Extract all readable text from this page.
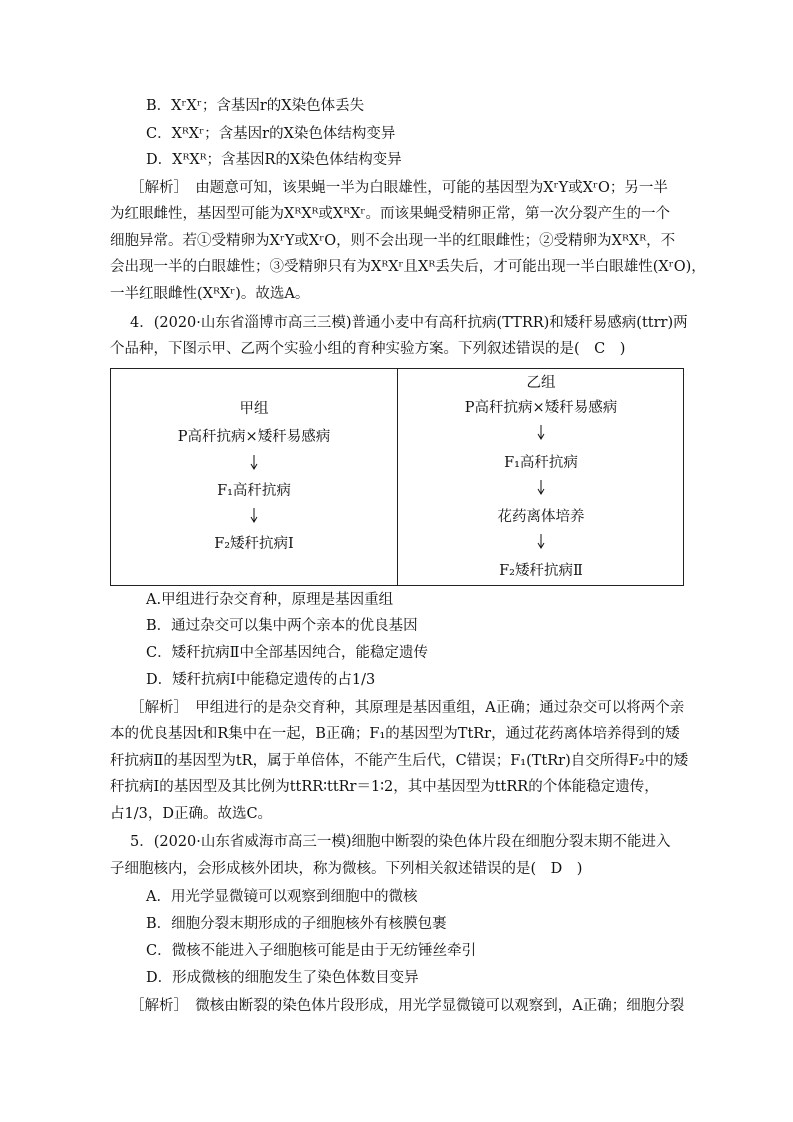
B．XʳXʳ；含基因r的X染色体丢失
C．XᴿXʳ；含基因r的X染色体结构变异
D．XᴿXᴿ；含基因R的X染色体结构变异
［解析］　由题意可知，该果蝇一半为白眼雄性，可能的基因型为XʳY或XʳO；另一半
为红眼雌性，基因型可能为XᴿXᴿ或XᴿXʳ。而该果蝇受精卵正常，第一次分裂产生的一个
细胞异常。若①受精卵为XʳY或XʳO，则不会出现一半的红眼雌性；②受精卵为XᴿXᴿ，不
会出现一半的白眼雄性；③受精卵只有为XᴿXʳ且Xᴿ丢失后，才可能出现一半白眼雄性(XʳO)，
一半红眼雌性(XᴿXʳ)。故选A。
4．(2020·山东省淄博市高三三模)普通小麦中有高秆抗病(TTRR)和矮秆易感病(ttrr)两
个品种，下图示甲、乙两个实验小组的育种实验方案。下列叙述错误的是(　C　)
甲组
P高秆抗病×矮秆易感病
F₁高秆抗病
F₂矮秆抗病Ⅰ
乙组
P高秆抗病×矮秆易感病
F₁高秆抗病
花药离体培养
F₂矮秆抗病Ⅱ
A.甲组进行杂交育种，原理是基因重组
B．通过杂交可以集中两个亲本的优良基因
C．矮秆抗病Ⅱ中全部基因纯合，能稳定遗传
D．矮秆抗病Ⅰ中能稳定遗传的占1/3
［解析］　甲组进行的是杂交育种，其原理是基因重组，A正确；通过杂交可以将两个亲
本的优良基因t和R集中在一起，B正确；F₁的基因型为TtRr，通过花药离体培养得到的矮
秆抗病Ⅱ的基因型为tR，属于单倍体，不能产生后代，C错误；F₁(TtRr)自交所得F₂中的矮
秆抗病Ⅰ的基因型及其比例为ttRR∶ttRr＝1∶2，其中基因型为ttRR的个体能稳定遗传，
占1/3，D正确。故选C。
5．(2020·山东省威海市高三一模)细胞中断裂的染色体片段在细胞分裂末期不能进入
子细胞核内，会形成核外团块，称为微核。下列相关叙述错误的是(　D　)
A．用光学显微镜可以观察到细胞中的微核
B．细胞分裂末期形成的子细胞核外有核膜包裹
C．微核不能进入子细胞核可能是由于无纺锤丝牵引
D．形成微核的细胞发生了染色体数目变异
［解析］　微核由断裂的染色体片段形成，用光学显微镜可以观察到，A正确；细胞分裂
